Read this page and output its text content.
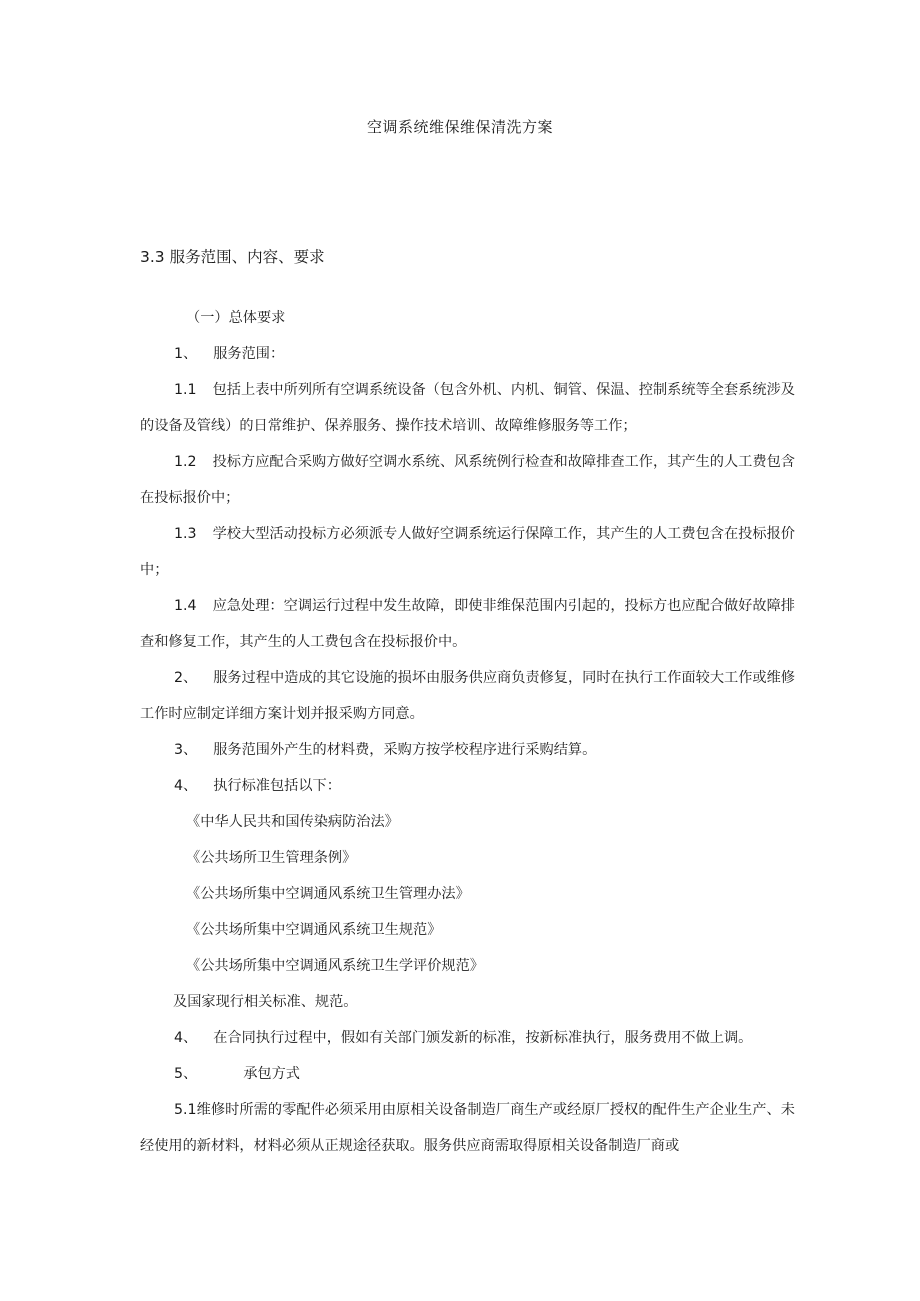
空调系统维保维保清洗方案
3.3 服务范围、内容、要求

（一）总体要求

1、 服务范围：

1.1 包括上表中所列所有空调系统设备（包含外机、内机、铜管、保温、控制系统等全套系统涉及的设备及管线）的日常维护、保养服务、操作技术培训、故障维修服务等工作；

1.2 投标方应配合采购方做好空调水系统、风系统例行检查和故障排查工作，其产生的人工费包含在投标报价中；

1.3 学校大型活动投标方必须派专人做好空调系统运行保障工作，其产生的人工费包含在投标报价中；

1.4 应急处理：空调运行过程中发生故障，即使非维保范围内引起的，投标方也应配合做好故障排查和修复工作，其产生的人工费包含在投标报价中。

2、 服务过程中造成的其它设施的损坏由服务供应商负责修复，同时在执行工作面较大工作或维修工作时应制定详细方案计划并报采购方同意。

3、 服务范围外产生的材料费，采购方按学校程序进行采购结算。

4、 执行标准包括以下：

《中华人民共和国传染病防治法》

《公共场所卫生管理条例》

《公共场所集中空调通风系统卫生管理办法》

《公共场所集中空调通风系统卫生规范》

《公共场所集中空调通风系统卫生学评价规范》

及国家现行相关标准、规范。

4、 在合同执行过程中，假如有关部门颁发新的标准，按新标准执行，服务费用不做上调。

5、	承包方式

5.1维修时所需的零配件必须采用由原相关设备制造厂商生产或经原厂授权的配件生产企业生产、未经使用的新材料，材料必须从正规途径获取。服务供应商需取得原相关设备制造厂商或
